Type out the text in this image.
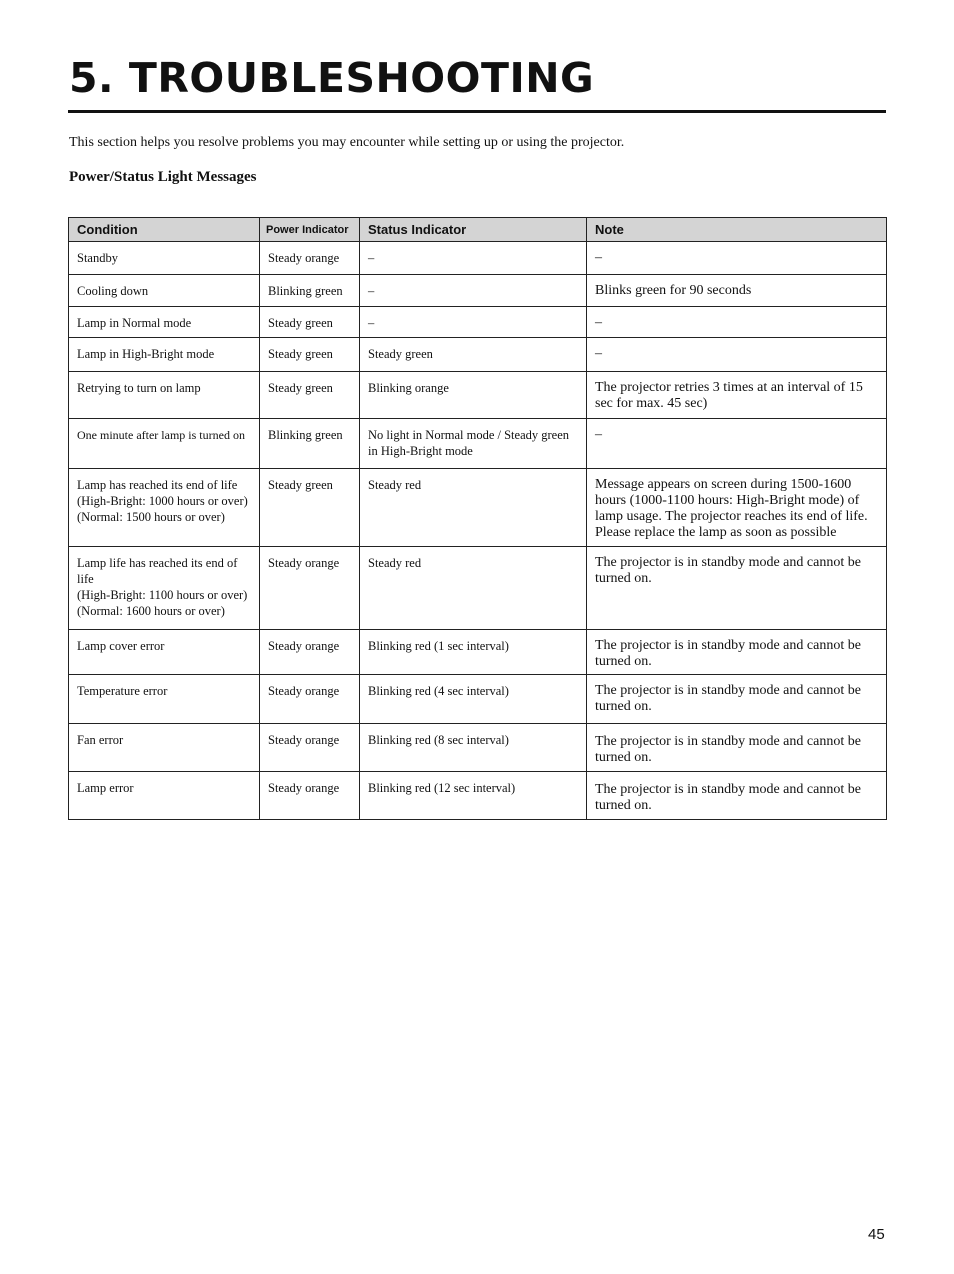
5. TROUBLESHOOTING

This section helps you resolve problems you may encounter while setting up or using the projector.

Power/Status Light Messages
Condition	Power Indicator	Status Indicator	Note
Standby	Steady orange	–	–
Cooling down	Blinking green	–	Blinks green for 90 seconds
Lamp in Normal mode	Steady green	–	–
Lamp in High-Bright mode	Steady green	Steady green	–
Retrying to turn on lamp	Steady green	Blinking orange	The projector retries 3 times at an interval of 15 sec for max. 45 sec)
One minute after lamp is turned on	Blinking green	No light in Normal mode / Steady green in High-Bright mode	–
Lamp has reached its end of life
(High-Bright: 1000 hours or over)
(Normal: 1500 hours or over)	Steady green	Steady red	Message appears on screen during 1500-1600 hours (1000-1100 hours: High-Bright mode) of lamp usage. The projector reaches its end of life. Please replace the lamp as soon as possible
Lamp life has reached its end of life
(High-Bright: 1100 hours or over)
(Normal: 1600 hours or over)	Steady orange	Steady red	The projector is in standby mode and cannot be turned on.
Lamp cover error	Steady orange	Blinking red (1 sec interval)	The projector is in standby mode and cannot be turned on.
Temperature error	Steady orange	Blinking red (4 sec interval)	The projector is in standby mode and cannot be turned on.
Fan error	Steady orange	Blinking red (8 sec interval)	The projector is in standby mode and cannot be turned on.
Lamp error	Steady orange	Blinking red (12 sec interval)	The projector is in standby mode and cannot be turned on.
45
